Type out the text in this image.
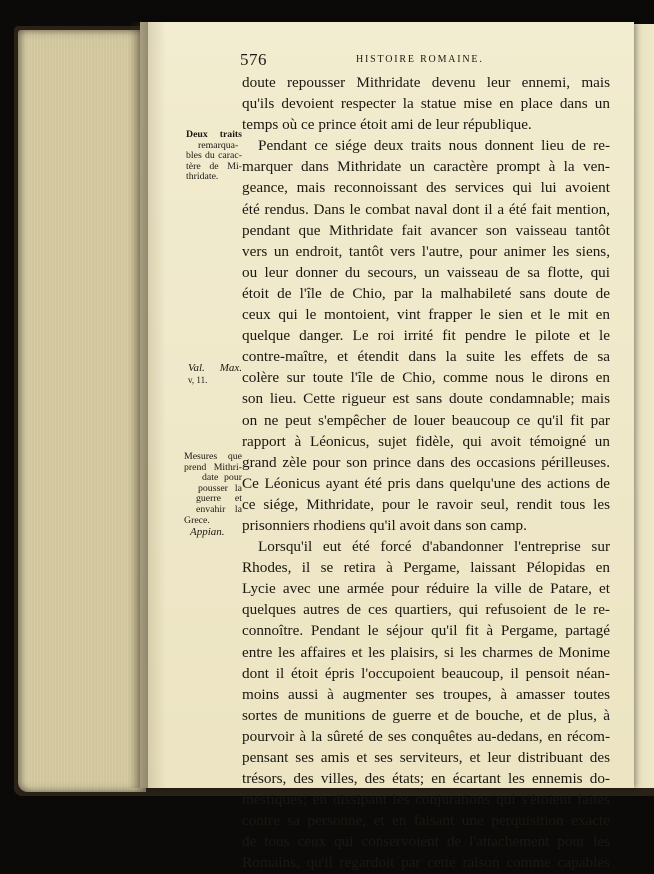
576	HISTOIRE ROMAINE.
Deux traits
remarqua-
bles du carac-
tère de Mi-
thridate.
Val. Max.
v, 11.
Mesures que
prend Mithri-
date pour
pousser la
guerre et
envahir la
Grece.
Appian.
doute repousser Mithridate devenu leur ennemi, mais
qu'ils devoient respecter la statue mise en place dans un
temps où ce prince étoit ami de leur république.
Pendant ce siége deux traits nous donnent lieu de re-
marquer dans Mithridate un caractère prompt à la ven-
geance, mais reconnoissant des services qui lui avoient
été rendus. Dans le combat naval dont il a été fait mention,
pendant que Mithridate fait avancer son vaisseau tantôt
vers un endroit, tantôt vers l'autre, pour animer les siens,
ou leur donner du secours, un vaisseau de sa flotte, qui
étoit de l'île de Chio, par la malhabileté sans doute de
ceux qui le montoient, vint frapper le sien et le mit en
quelque danger. Le roi irrité fit pendre le pilote et le
contre-maître, et étendit dans la suite les effets de sa
colère sur toute l'île de Chio, comme nous le dirons en
son lieu. Cette rigueur est sans doute condamnable; mais
on ne peut s'empêcher de louer beaucoup ce qu'il fit par
rapport à Léonicus, sujet fidèle, qui avoit témoigné un
grand zèle pour son prince dans des occasions périlleuses.
Ce Léonicus ayant été pris dans quelqu'une des actions de
ce siége, Mithridate, pour le ravoir seul, rendit tous les
prisonniers rhodiens qu'il avoit dans son camp.
Lorsqu'il eut été forcé d'abandonner l'entreprise sur
Rhodes, il se retira à Pergame, laissant Pélopidas en
Lycie avec une armée pour réduire la ville de Patare, et
quelques autres de ces quartiers, qui refusoient de le re-
connoître. Pendant le séjour qu'il fit à Pergame, partagé
entre les affaires et les plaisirs, si les charmes de Monime
dont il étoit épris l'occupoient beaucoup, il pensoit néan-
moins aussi à augmenter ses troupes, à amasser toutes
sortes de munitions de guerre et de bouche, et de plus, à
pourvoir à la sûreté de ses conquêtes au-dedans, en récom-
pensant ses amis et ses serviteurs, et leur distribuant des
trésors, des villes, des états; en écartant les ennemis do-
mestiques; en dissipant les conjurations qui s'étoient faites
contre sa personne, et en faisant une perquisition exacte
de tous ceux qui conservoient de l'attachement pour les
Romains, qu'il regardoit par cette raison comme capables
